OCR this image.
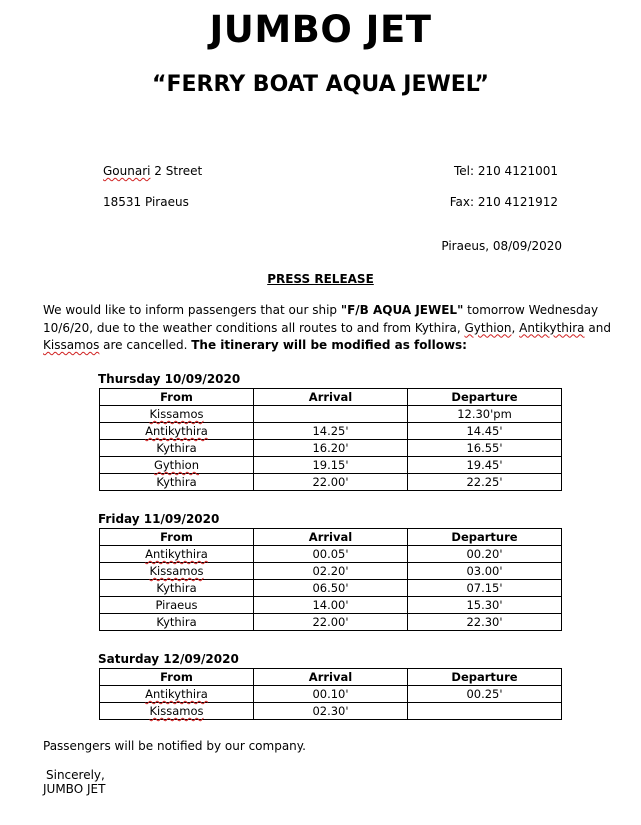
JUMBO JET
“FERRY BOAT AQUA JEWEL”
Gounari 2 Street
18531 Piraeus
Tel: 210 4121001
Fax: 210 4121912
Piraeus, 08/09/2020
PRESS RELEASE
We would like to inform passengers that our ship "F/B AQUA JEWEL" tomorrow Wednesday 10/6/20, due to the weather conditions all routes to and from Kythira, Gythion, Antikythira and Kissamos are cancelled. The itinerary will be modified as follows:
Thursday 10/09/2020
From	Arrival	Departure
Kissamos		12.30'pm
Antikythira	14.25'	14.45'
Kythira	16.20'	16.55'
Gythion	19.15'	19.45'
Kythira	22.00'	22.25'
Friday 11/09/2020
From	Arrival	Departure
Antikythira	00.05'	00.20'
Kissamos	02.20'	03.00'
Kythira	06.50'	07.15'
Piraeus	14.00'	15.30'
Kythira	22.00'	22.30'
Saturday 12/09/2020
From	Arrival	Departure
Antikythira	00.10'	00.25'
Kissamos	02.30'	
Passengers will be notified by our company.
Sincerely,
JUMBO JET
